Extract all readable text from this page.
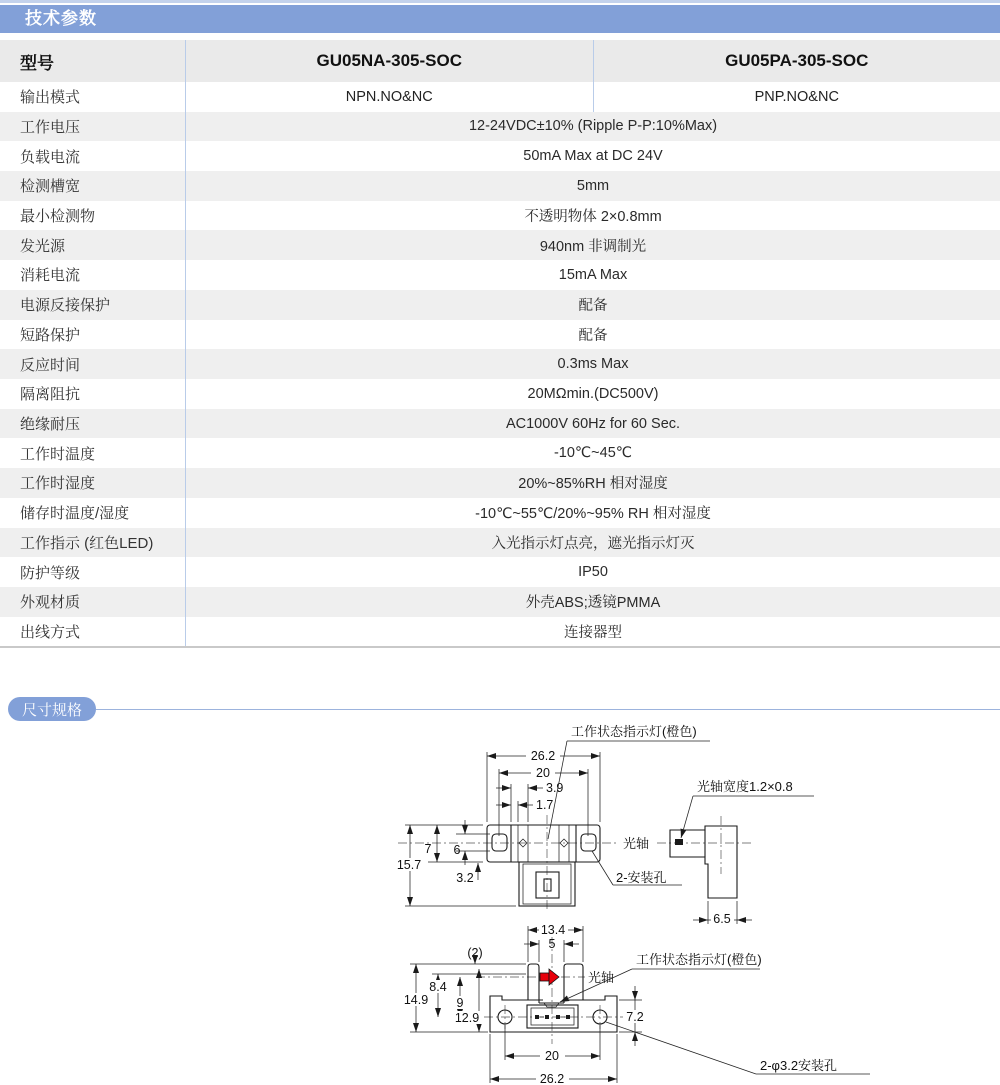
技术参数
型号	GU05NA-305-SOC	GU05PA-305-SOC
输出模式	NPN.NO&NC	PNP.NO&NC
工作电压	12-24VDC±10% (Ripple P-P:10%Max)
负载电流	50mA Max at DC 24V
检测槽宽	5mm
最小检测物	不透明物体 2×0.8mm
发光源	940nm 非调制光
消耗电流	15mA Max
电源反接保护	配备
短路保护	配备
反应时间	0.3ms Max
隔离阻抗	20MΩmin.(DC500V)
绝缘耐压	AC1000V 60Hz for 60 Sec.
工作时温度	-10℃~45℃
工作时湿度	20%~85%RH 相对湿度
储存时温度/湿度	-10℃~55℃/20%~95% RH 相对湿度
工作指示 (红色LED)	入光指示灯点亮，遮光指示灯灭
防护等级	IP50
外观材质	外壳ABS;透镜PMMA
出线方式	连接器型
尺寸规格
26.2
20
3.9
1.7
15.7
7 6
3.2
光轴
2-安装孔
工作状态指示灯(橙色)
光轴宽度1.2×0.8
6.5
13.4
5
(2)
14.9
8.4
9
12.9	7.2
20
26.2
光轴
工作状态指示灯(橙色)
2-φ3.2安装孔
